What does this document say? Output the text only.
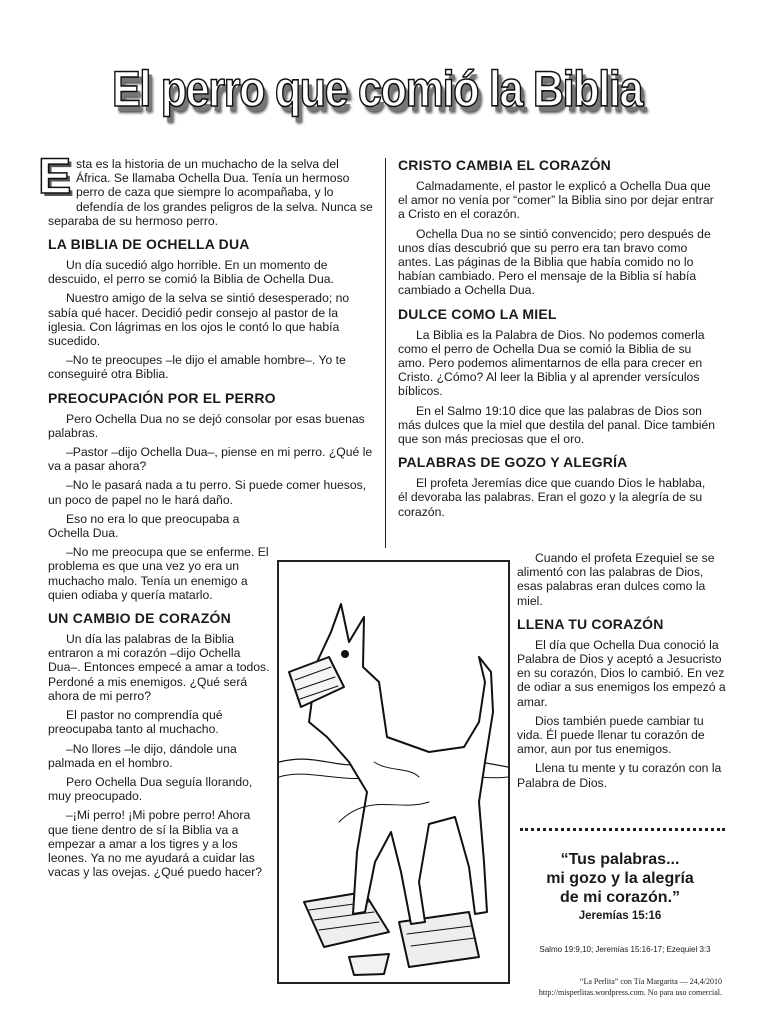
El perro que comió la Biblia

Esta es la historia de un muchacho de la selva del África. Se llamaba Ochella Dua. Tenía un hermoso perro de caza que siempre lo acompañaba, y lo defendía de los grandes peligros de la selva. Nunca se separaba de su hermoso perro.

LA BIBLIA DE OCHELLA DUA

Un día sucedió algo horrible. En un momento de descuido, el perro se comió la Biblia de Ochella Dua.

Nuestro amigo de la selva se sintió desesperado; no sabía qué hacer. Decidió pedir consejo al pastor de la iglesia. Con lágrimas en los ojos le contó lo que había sucedido.

–No te preocupes –le dijo el amable hombre–. Yo te conseguiré otra Biblia.

PREOCUPACIÓN POR EL PERRO

Pero Ochella Dua no se dejó consolar por esas buenas palabras.

–Pastor –dijo Ochella Dua–, piense en mi perro. ¿Qué le va a pasar ahora?

–No le pasará nada a tu perro. Si puede comer huesos, un poco de papel no le hará daño.

Eso no era lo que preocupaba a Ochella Dua.

–No me preocupa que se enferme. El problema es que una vez yo era un muchacho malo. Tenía un enemigo a quien odiaba y quería matarlo.

UN CAMBIO DE CORAZÓN

Un día las palabras de la Biblia entraron a mi corazón –dijo Ochella Dua–. Entonces empecé a amar a todos. Perdoné a mis enemigos. ¿Qué será ahora de mi perro?

El pastor no comprendía qué preocupaba tanto al muchacho.

–No llores –le dijo, dándole una palmada en el hombro.

Pero Ochella Dua seguía llorando, muy preocupado.

–¡Mi perro! ¡Mi pobre perro! Ahora que tiene dentro de sí la Biblia va a empezar a amar a los tigres y a los leones. Ya no me ayudará a cuidar las vacas y las ovejas. ¿Qué puedo hacer?

CRISTO CAMBIA EL CORAZÓN

Calmadamente, el pastor le explicó a Ochella Dua que el amor no venía por “comer” la Biblia sino por dejar entrar a Cristo en el corazón.

Ochella Dua no se sintió convencido; pero después de unos días descubrió que su perro era tan bravo como antes. Las páginas de la Biblia que había comido no lo habían cambiado. Pero el mensaje de la Biblia sí había cambiado a Ochella Dua.

DULCE COMO LA MIEL

La Biblia es la Palabra de Dios. No podemos comerla como el perro de Ochella Dua se comió la Biblia de su amo. Pero podemos alimentarnos de ella para crecer en Cristo. ¿Cómo? Al leer la Biblia y al aprender versículos bíblicos.

En el Salmo 19:10 dice que las palabras de Dios son más dulces que la miel que destila del panal. Dice también que son más preciosas que el oro.

PALABRAS DE GOZO Y ALEGRÍA

El profeta Jeremías dice que cuando Dios le hablaba, él devoraba las palabras. Eran el gozo y la alegría de su corazón.

Cuando el profeta Ezequiel se se alimentó con las palabras de Dios, esas palabras eran dulces como la miel.

LLENA TU CORAZÓN

El día que Ochella Dua conoció la Palabra de Dios y aceptó a Jesucristo en su corazón, Dios lo cambió. En vez de odiar a sus enemigos los empezó a amar.

Dios también puede cambiar tu vida. Él puede llenar tu corazón de amor, aun por tus enemigos.

Llena tu mente y tu corazón con la Palabra de Dios.

“Tus palabras...
mi gozo y la alegría
de mi corazón.”
Jeremías 15:16
Salmo 19:9,10; Jeremías 15:16-17; Ezequiel 3:3
“La Perlita” con Tía Margarita — 24,4/2010
http://misperlitas.wordpress.com. No para uso comercial.
